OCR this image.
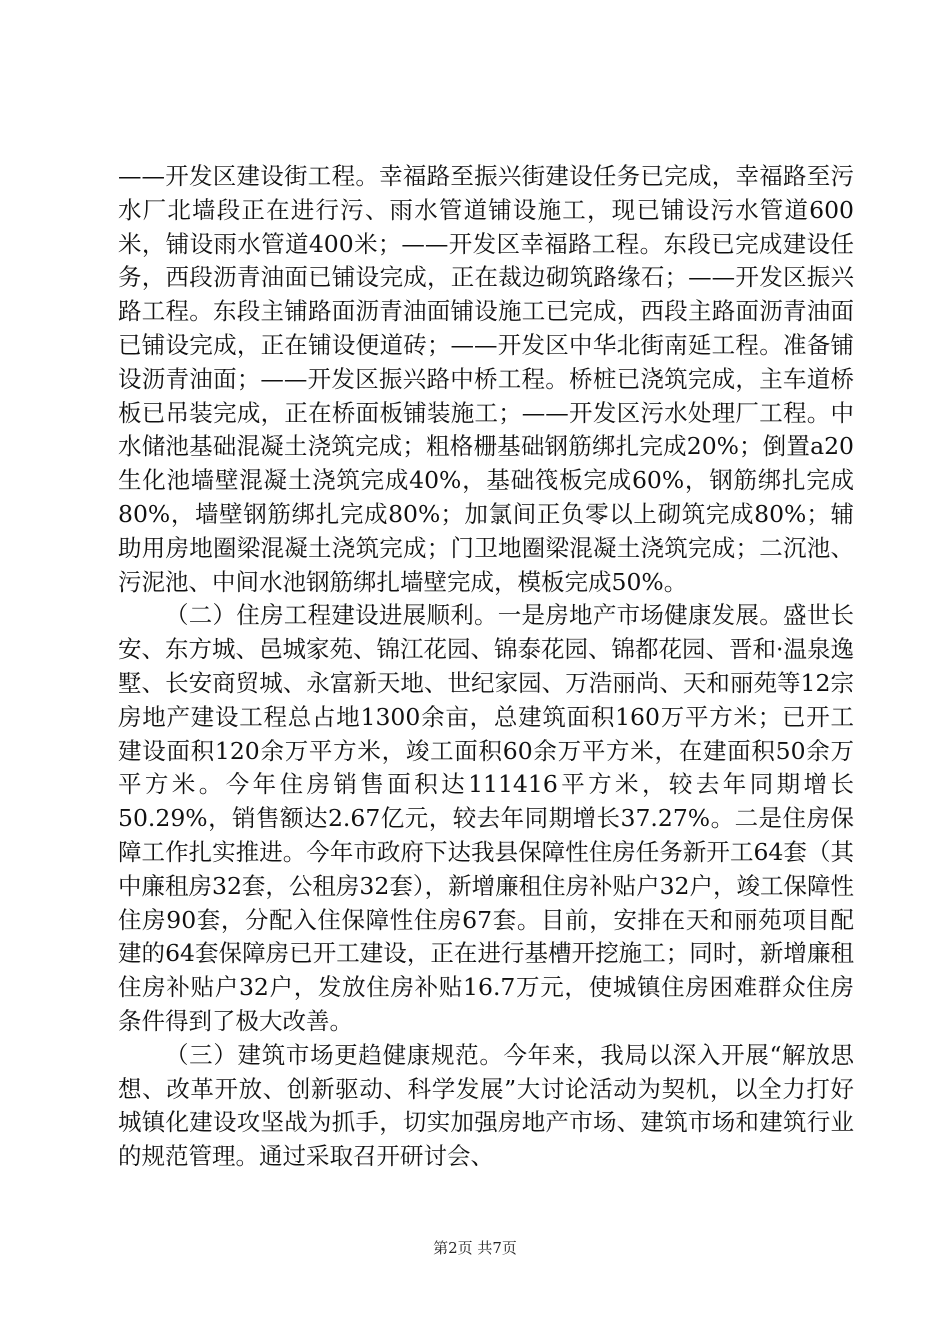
——开发区建设街工程。幸福路至振兴街建设任务已完成，幸福路至污水厂北墙段正在进行污、雨水管道铺设施工，现已铺设污水管道600米，铺设雨水管道400米；——开发区幸福路工程。东段已完成建设任务，西段沥青油面已铺设完成，正在裁边砌筑路缘石；——开发区振兴路工程。东段主铺路面沥青油面铺设施工已完成，西段主路面沥青油面已铺设完成，正在铺设便道砖；——开发区中华北街南延工程。准备铺设沥青油面；——开发区振兴路中桥工程。桥桩已浇筑完成，主车道桥板已吊装完成，正在桥面板铺装施工；——开发区污水处理厂工程。中水储池基础混凝土浇筑完成；粗格栅基础钢筋绑扎完成20%；倒置a20生化池墙壁混凝土浇筑完成40%，基础筏板完成60%，钢筋绑扎完成80%，墙壁钢筋绑扎完成80%；加氯间正负零以上砌筑完成80%；辅助用房地圈梁混凝土浇筑完成；门卫地圈梁混凝土浇筑完成；二沉池、污泥池、中间水池钢筋绑扎墙壁完成，模板完成50%。

（二）住房工程建设进展顺利。一是房地产市场健康发展。盛世长安、东方城、邑城家苑、锦江花园、锦泰花园、锦都花园、晋和·温泉逸墅、长安商贸城、永富新天地、世纪家园、万浩丽尚、天和丽苑等12宗房地产建设工程总占地1300余亩，总建筑面积160万平方米；已开工建设面积120余万平方米，竣工面积60余万平方米，在建面积50余万平方米。今年住房销售面积达111416平方米，较去年同期增长50.29%，销售额达2.67亿元，较去年同期增长37.27%。二是住房保障工作扎实推进。今年市政府下达我县保障性住房任务新开工64套（其中廉租房32套，公租房32套），新增廉租住房补贴户32户，竣工保障性住房90套，分配入住保障性住房67套。目前，安排在天和丽苑项目配建的64套保障房已开工建设，正在进行基槽开挖施工；同时，新增廉租住房补贴户32户，发放住房补贴16.7万元，使城镇住房困难群众住房条件得到了极大改善。

（三）建筑市场更趋健康规范。今年来，我局以深入开展“解放思想、改革开放、创新驱动、科学发展”大讨论活动为契机，以全力打好城镇化建设攻坚战为抓手，切实加强房地产市场、建筑市场和建筑行业的规范管理。通过采取召开研讨会、

第2页 共7页
